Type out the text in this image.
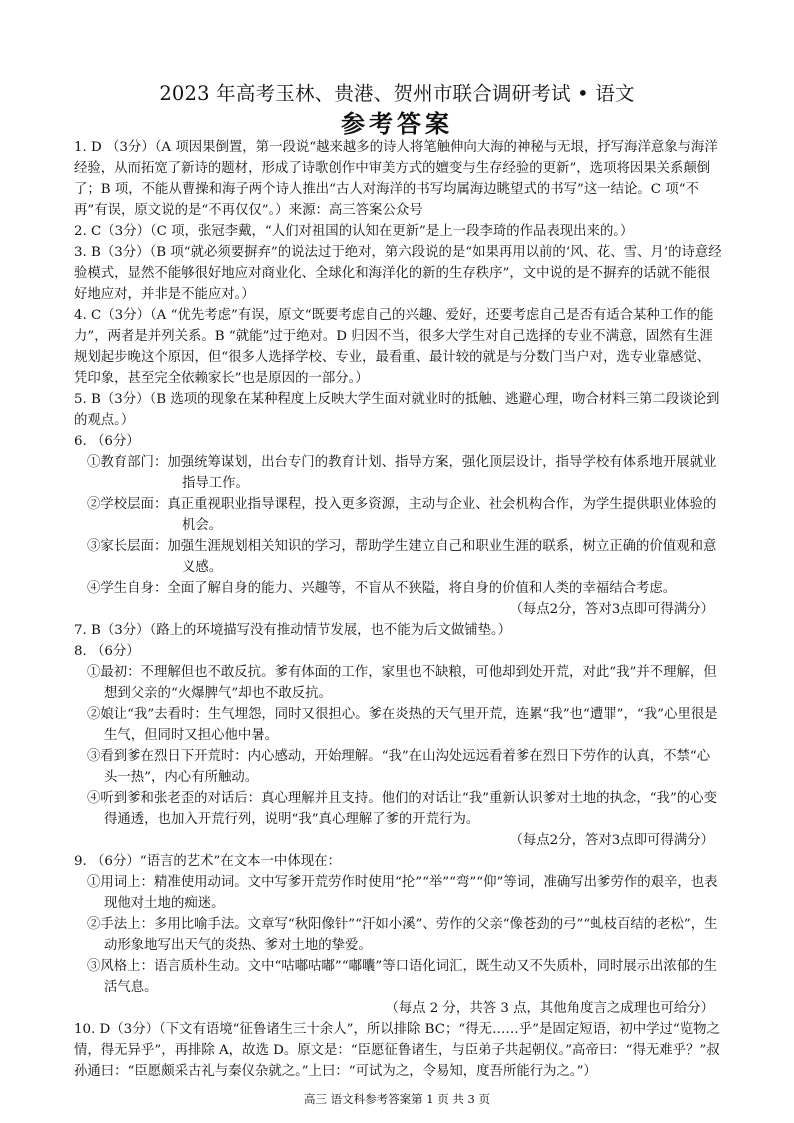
2023 年高考玉林、贵港、贺州市联合调研考试 • 语文
参考答案

1. D （3分）（A 项因果倒置，第一段说“越来越多的诗人将笔触伸向大海的神秘与无垠，抒写海洋意象与海洋经验，从而拓宽了新诗的题材，形成了诗歌创作中审美方式的嬗变与生存经验的更新”，选项将因果关系颠倒了；B 项，不能从曹操和海子两个诗人推出“古人对海洋的书写均属海边眺望式的书写”这一结论。C 项“不再”有误，原文说的是“不再仅仅”。）来源：高三答案公众号

2. C（3分）（C 项，张冠李戴，“人们对祖国的认知在更新”是上一段李琦的作品表现出来的。）

3. B（3分）（B 项“就必须要摒弃”的说法过于绝对，第六段说的是“如果再用以前的‘风、花、雪、月’的诗意经验模式，显然不能够很好地应对商业化、全球化和海洋化的新的生存秩序”，文中说的是不摒弃的话就不能很好地应对，并非是不能应对。）

4. C（3分）（A “优先考虑”有误，原文“既要考虑自己的兴趣、爱好，还要考虑自己是否有适合某种工作的能力”，两者是并列关系。B “就能”过于绝对。D 归因不当，很多大学生对自己选择的专业不满意，固然有生涯规划起步晚这个原因，但“很多人选择学校、专业，最看重、最计较的就是与分数门当户对，选专业靠感觉、凭印象，甚至完全依赖家长”也是原因的一部分。）

5. B（3分）（B 选项的现象在某种程度上反映大学生面对就业时的抵触、逃避心理，吻合材料三第二段谈论到的观点。）

6. （6分）

①教育部门：加强统筹谋划，出台专门的教育计划、指导方案，强化顶层设计，指导学校有体系地开展就业指导工作。

②学校层面：真正重视职业指导课程，投入更多资源，主动与企业、社会机构合作，为学生提供职业体验的机会。

③家长层面：加强生涯规划相关知识的学习，帮助学生建立自己和职业生涯的联系，树立正确的价值观和意义感。

④学生自身：全面了解自身的能力、兴趣等，不盲从不狭隘，将自身的价值和人类的幸福结合考虑。

（每点2分，答对3点即可得满分）

7. B（3分）（路上的环境描写没有推动情节发展，也不能为后文做铺垫。）

8. （6分）

①最初：不理解但也不敢反抗。爹有体面的工作，家里也不缺粮，可他却到处开荒，对此“我”并不理解，但想到父亲的“火爆脾气”却也不敢反抗。

②娘让“我”去看时：生气埋怨，同时又很担心。爹在炎热的天气里开荒，连累“我”也“遭罪”，“我”心里很是生气，但同时又担心他中暑。

③看到爹在烈日下开荒时：内心感动，开始理解。“我”在山沟处远远看着爹在烈日下劳作的认真，不禁“心头一热”，内心有所触动。

④听到爹和张老歪的对话后：真心理解并且支持。他们的对话让“我”重新认识爹对土地的执念，“我”的心变得通透，也加入开荒行列，说明“我”真心理解了爹的开荒行为。

（每点2分，答对3点即可得满分）

9. （6分）“语言的艺术”在文本一中体现在：

①用词上：精准使用动词。文中写爹开荒劳作时使用“抡”“举”“弯”“仰”等词，准确写出爹劳作的艰辛，也表现他对土地的痴迷。

②手法上：多用比喻手法。文章写“秋阳像针”“汗如小溪”、劳作的父亲“像苍劲的弓”“虬枝百结的老松”，生动形象地写出天气的炎热、爹对土地的挚爱。

③风格上：语言质朴生动。文中“咕嘟咕嘟”“嘟囔”等口语化词汇，既生动又不失质朴，同时展示出浓郁的生活气息。

（每点 2 分，共答 3 点，其他角度言之成理也可给分）

10. D（3分）（下文有语境“征鲁诸生三十余人”，所以排除 BC；“得无……乎”是固定短语，初中学过“览物之情，得无异乎”，再排除 A，故选 D。原文是：“臣愿征鲁诸生，与臣弟子共起朝仪。”高帝曰：“得无难乎？”叔孙通曰：“臣愿颇采古礼与秦仪杂就之。”上曰：“可试为之，令易知，度吾所能行为之。”）

高三 语文科参考答案第 1 页 共 3 页
